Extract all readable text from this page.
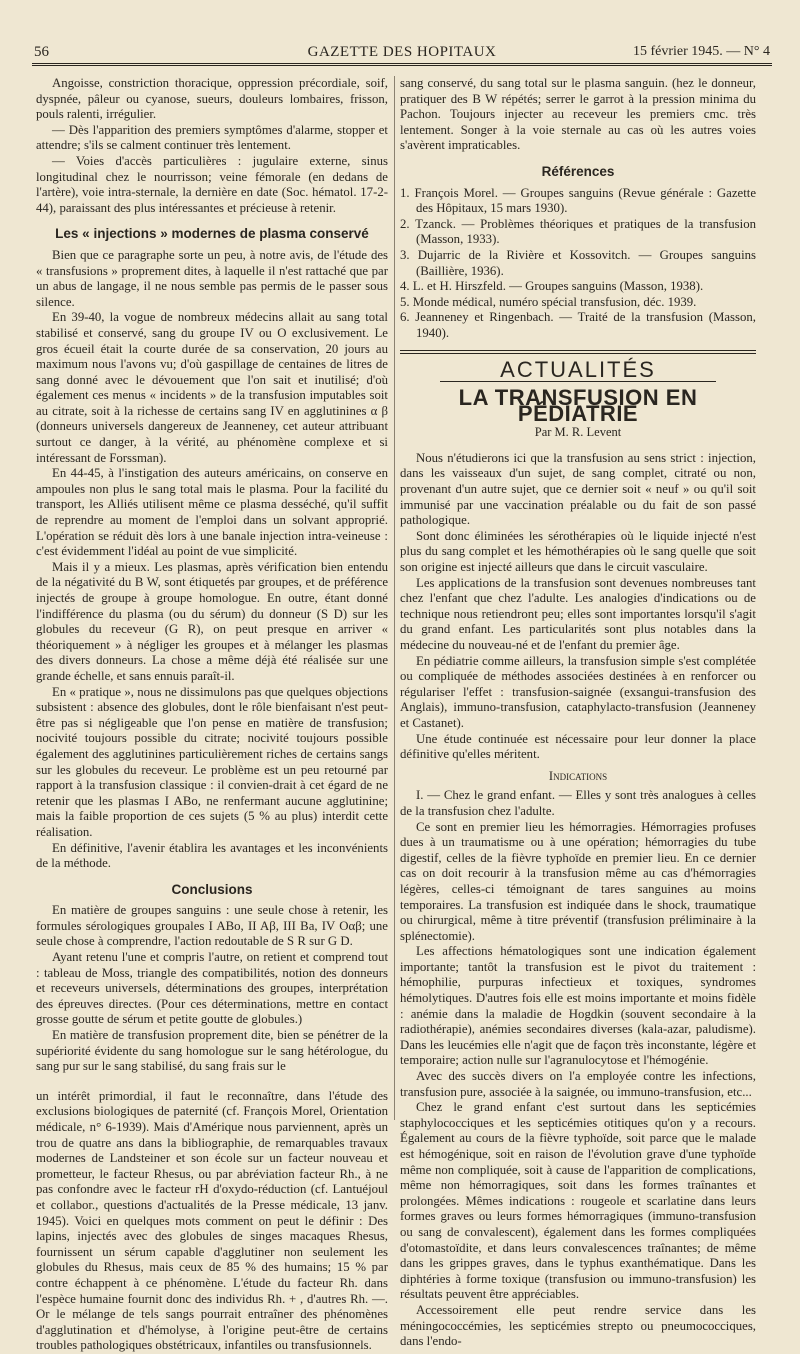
56	GAZETTE DES HOPITAUX	15 février 1945. — N° 4

Angoisse, constriction thoracique, oppression précordiale, soif, dyspnée, pâleur ou cyanose, sueurs, douleurs lombaires, frisson, pouls ralenti, irrégulier.

— Dès l'apparition des premiers symptômes d'alarme, stopper et attendre; s'ils se calment continuer très lentement.

— Voies d'accès particulières : jugulaire externe, sinus longitudinal chez le nourrisson; veine fémorale (en dedans de l'artère), voie intra-sternale, la dernière en date (Soc. hématol. 17-2-44), paraissant des plus intéressantes et précieuse à retenir.

Les « injections » modernes de plasma conservé

Bien que ce paragraphe sorte un peu, à notre avis, de l'étude des « transfusions » proprement dites, à laquelle il n'est rattaché que par un abus de langage, il ne nous semble pas permis de le passer sous silence.

En 39-40, la vogue de nombreux médecins allait au sang total stabilisé et conservé, sang du groupe IV ou O exclusivement. Le gros écueil était la courte durée de sa conservation, 20 jours au maximum nous l'avons vu; d'où gaspillage de centaines de litres de sang donné avec le dévouement que l'on sait et inutilisé; d'où également ces menus « incidents » de la transfusion imputables soit au citrate, soit à la richesse de certains sang IV en agglutinines α β (donneurs universels dangereux de Jeanneney, cet auteur attribuant surtout ce danger, à la vérité, au phénomène complexe et si intéressant de Forssman).

En 44-45, à l'instigation des auteurs américains, on conserve en ampoules non plus le sang total mais le plasma. Pour la facilité du transport, les Alliés utilisent même ce plasma desséché, qu'il suffit de reprendre au moment de l'emploi dans un solvant approprié. L'opération se réduit dès lors à une banale injection intra-veineuse : c'est évidemment l'idéal au point de vue simplicité.

Mais il y a mieux. Les plasmas, après vérification bien entendu de la négativité du B W, sont étiquetés par groupes, et de préférence injectés de groupe à groupe homologue. En outre, étant donné l'indifférence du plasma (ou du sérum) du donneur (S D) sur les globules du receveur (G R), on peut presque en arriver « théoriquement » à négliger les groupes et à mélanger les plasmas des divers donneurs. La chose a même déjà été réalisée sur une grande échelle, et sans ennuis paraît-il.

En « pratique », nous ne dissimulons pas que quelques objections subsistent : absence des globules, dont le rôle bienfaisant n'est peut-être pas si négligeable que l'on pense en matière de transfusion; nocivité toujours possible du citrate; nocivité toujours possible également des agglutinines particulièrement riches de certains sangs sur les globules du receveur. Le problème est un peu retourné par rapport à la transfusion classique : il convien-drait à cet égard de ne retenir que les plasmas I ABo, ne renfermant aucune agglutinine; mais la faible proportion de ces sujets (5 % au plus) interdit cette réalisation.

En définitive, l'avenir établira les avantages et les inconvénients de la méthode.

Conclusions

En matière de groupes sanguins : une seule chose à retenir, les formules sérologiques groupales I ABo, II Aβ, III Ba, IV Oαβ; une seule chose à comprendre, l'action redoutable de S R sur G D.

Ayant retenu l'une et compris l'autre, on retient et comprend tout : tableau de Moss, triangle des compatibilités, notion des donneurs et receveurs universels, déterminations des groupes, interprétation des épreuves directes. (Pour ces déterminations, mettre en contact grosse goutte de sérum et petite goutte de globules.)

En matière de transfusion proprement dite, bien se pénétrer de la supériorité évidente du sang homologue sur le sang hétérologue, du sang pur sur le sang stabilisé, du sang frais sur le

un intérêt primordial, il faut le reconnaître, dans l'étude des exclusions biologiques de paternité (cf. François Morel, Orientation médicale, n° 6-1939). Mais d'Amérique nous parviennent, après un trou de quatre ans dans la bibliographie, de remarquables travaux modernes de Landsteiner et son école sur un facteur nouveau et prometteur, le facteur Rhesus, ou par abréviation facteur Rh., à ne pas confondre avec le facteur rH d'oxydo-réduction (cf. Lantuéjoul et collabor., questions d'actualités de la Presse médicale, 13 janv. 1945). Voici en quelques mots comment on peut le définir : Des lapins, injectés avec des globules de singes macaques Rhesus, fournissent un sérum capable d'agglutiner non seulement les globules du Rhesus, mais ceux de 85 % des humains; 15 % par contre échappent à ce phénomène. L'étude du facteur Rh. dans l'espèce humaine fournit donc des individus Rh. + , d'autres Rh. —. Or le mélange de tels sangs pourrait entraîner des phénomènes d'agglutination et d'hémolyse, à l'origine peut-être de certains troubles pathologiques obstétricaux, infantiles ou transfusionnels.

sang conservé, du sang total sur le plasma sanguin. (hez le donneur, pratiquer des B W répétés; serrer le garrot à la pression minima du Pachon. Toujours injecter au receveur les premiers cmc. très lentement. Songer à la voie sternale au cas où les autres voies s'avèrent impraticables.

Références
1. François Morel. — Groupes sanguins (Revue générale : Gazette des Hôpitaux, 15 mars 1930).
2. Tzanck. — Problèmes théoriques et pratiques de la transfusion (Masson, 1933).
3. Dujarric de la Rivière et Kossovitch. — Groupes sanguins (Baillière, 1936).
4. L. et H. Hirszfeld. — Groupes sanguins (Masson, 1938).
5. Monde médical, numéro spécial transfusion, déc. 1939.
6. Jeanneney et Ringenbach. — Traité de la transfusion (Masson, 1940).
ACTUALITÉS
LA TRANSFUSION EN PÉDIATRIE
Par M. R. Levent

Nous n'étudierons ici que la transfusion au sens strict : injection, dans les vaisseaux d'un sujet, de sang complet, citraté ou non, provenant d'un autre sujet, que ce dernier soit « neuf » ou qu'il soit immunisé par une vaccination préalable ou du fait de son passé pathologique.

Sont donc éliminées les sérothérapies où le liquide injecté n'est plus du sang complet et les hémothérapies où le sang quelle que soit son origine est injecté ailleurs que dans le circuit vasculaire.

Les applications de la transfusion sont devenues nombreuses tant chez l'enfant que chez l'adulte. Les analogies d'indications ou de technique nous retiendront peu; elles sont importantes lorsqu'il s'agit du grand enfant. Les particularités sont plus notables dans la médecine du nouveau-né et de l'enfant du premier âge.

En pédiatrie comme ailleurs, la transfusion simple s'est complétée ou compliquée de méthodes associées destinées à en renforcer ou régulariser l'effet : transfusion-saignée (exsangui-transfusion des Anglais), immuno-transfusion, cataphylacto-transfusion (Jeanneney et Castanet).

Une étude continuée est nécessaire pour leur donner la place définitive qu'elles méritent.

Indications

I. — Chez le grand enfant. — Elles y sont très analogues à celles de la transfusion chez l'adulte.

Ce sont en premier lieu les hémorragies. Hémorragies profuses dues à un traumatisme ou à une opération; hémorragies du tube digestif, celles de la fièvre typhoïde en premier lieu. En ce dernier cas on doit recourir à la transfusion même au cas d'hémorragies légères, celles-ci témoignant de tares sanguines au moins temporaires. La transfusion est indiquée dans le shock, traumatique ou chirurgical, même à titre préventif (transfusion préliminaire à la splénectomie).

Les affections hématologiques sont une indication également importante; tantôt la transfusion est le pivot du traitement : hémophilie, purpuras infectieux et toxiques, syndromes hémolytiques. D'autres fois elle est moins importante et moins fidèle : anémie dans la maladie de Hogdkin (souvent secondaire à la radiothérapie), anémies secondaires diverses (kala-azar, paludisme). Dans les leucémies elle n'agit que de façon très inconstante, légère et temporaire; action nulle sur l'agranulocytose et l'hémogénie.

Avec des succès divers on l'a employée contre les infections, transfusion pure, associée à la saignée, ou immuno-transfusion, etc...

Chez le grand enfant c'est surtout dans les septicémies staphylococciques et les septicémies otitiques qu'on y a recours. Également au cours de la fièvre typhoïde, soit parce que le malade est hémogénique, soit en raison de l'évolution grave d'une typhoïde même non compliquée, soit à cause de l'apparition de complications, même non hémorragiques, soit dans les formes traînantes et prolongées. Mêmes indications : rougeole et scarlatine dans leurs formes graves ou leurs formes hémorragiques (immuno-transfusion ou sang de convalescent), également dans les formes compliquées d'otomastoïdite, et dans leurs convalescences traînantes; de même dans les grippes graves, dans le typhus exanthématique. Dans les diphtéries à forme toxique (transfusion ou immuno-transfusion) les résultats peuvent être appréciables.

Accessoirement elle peut rendre service dans les méningococcémies, les septicémies strepto ou pneumococciques, dans l'endo-
